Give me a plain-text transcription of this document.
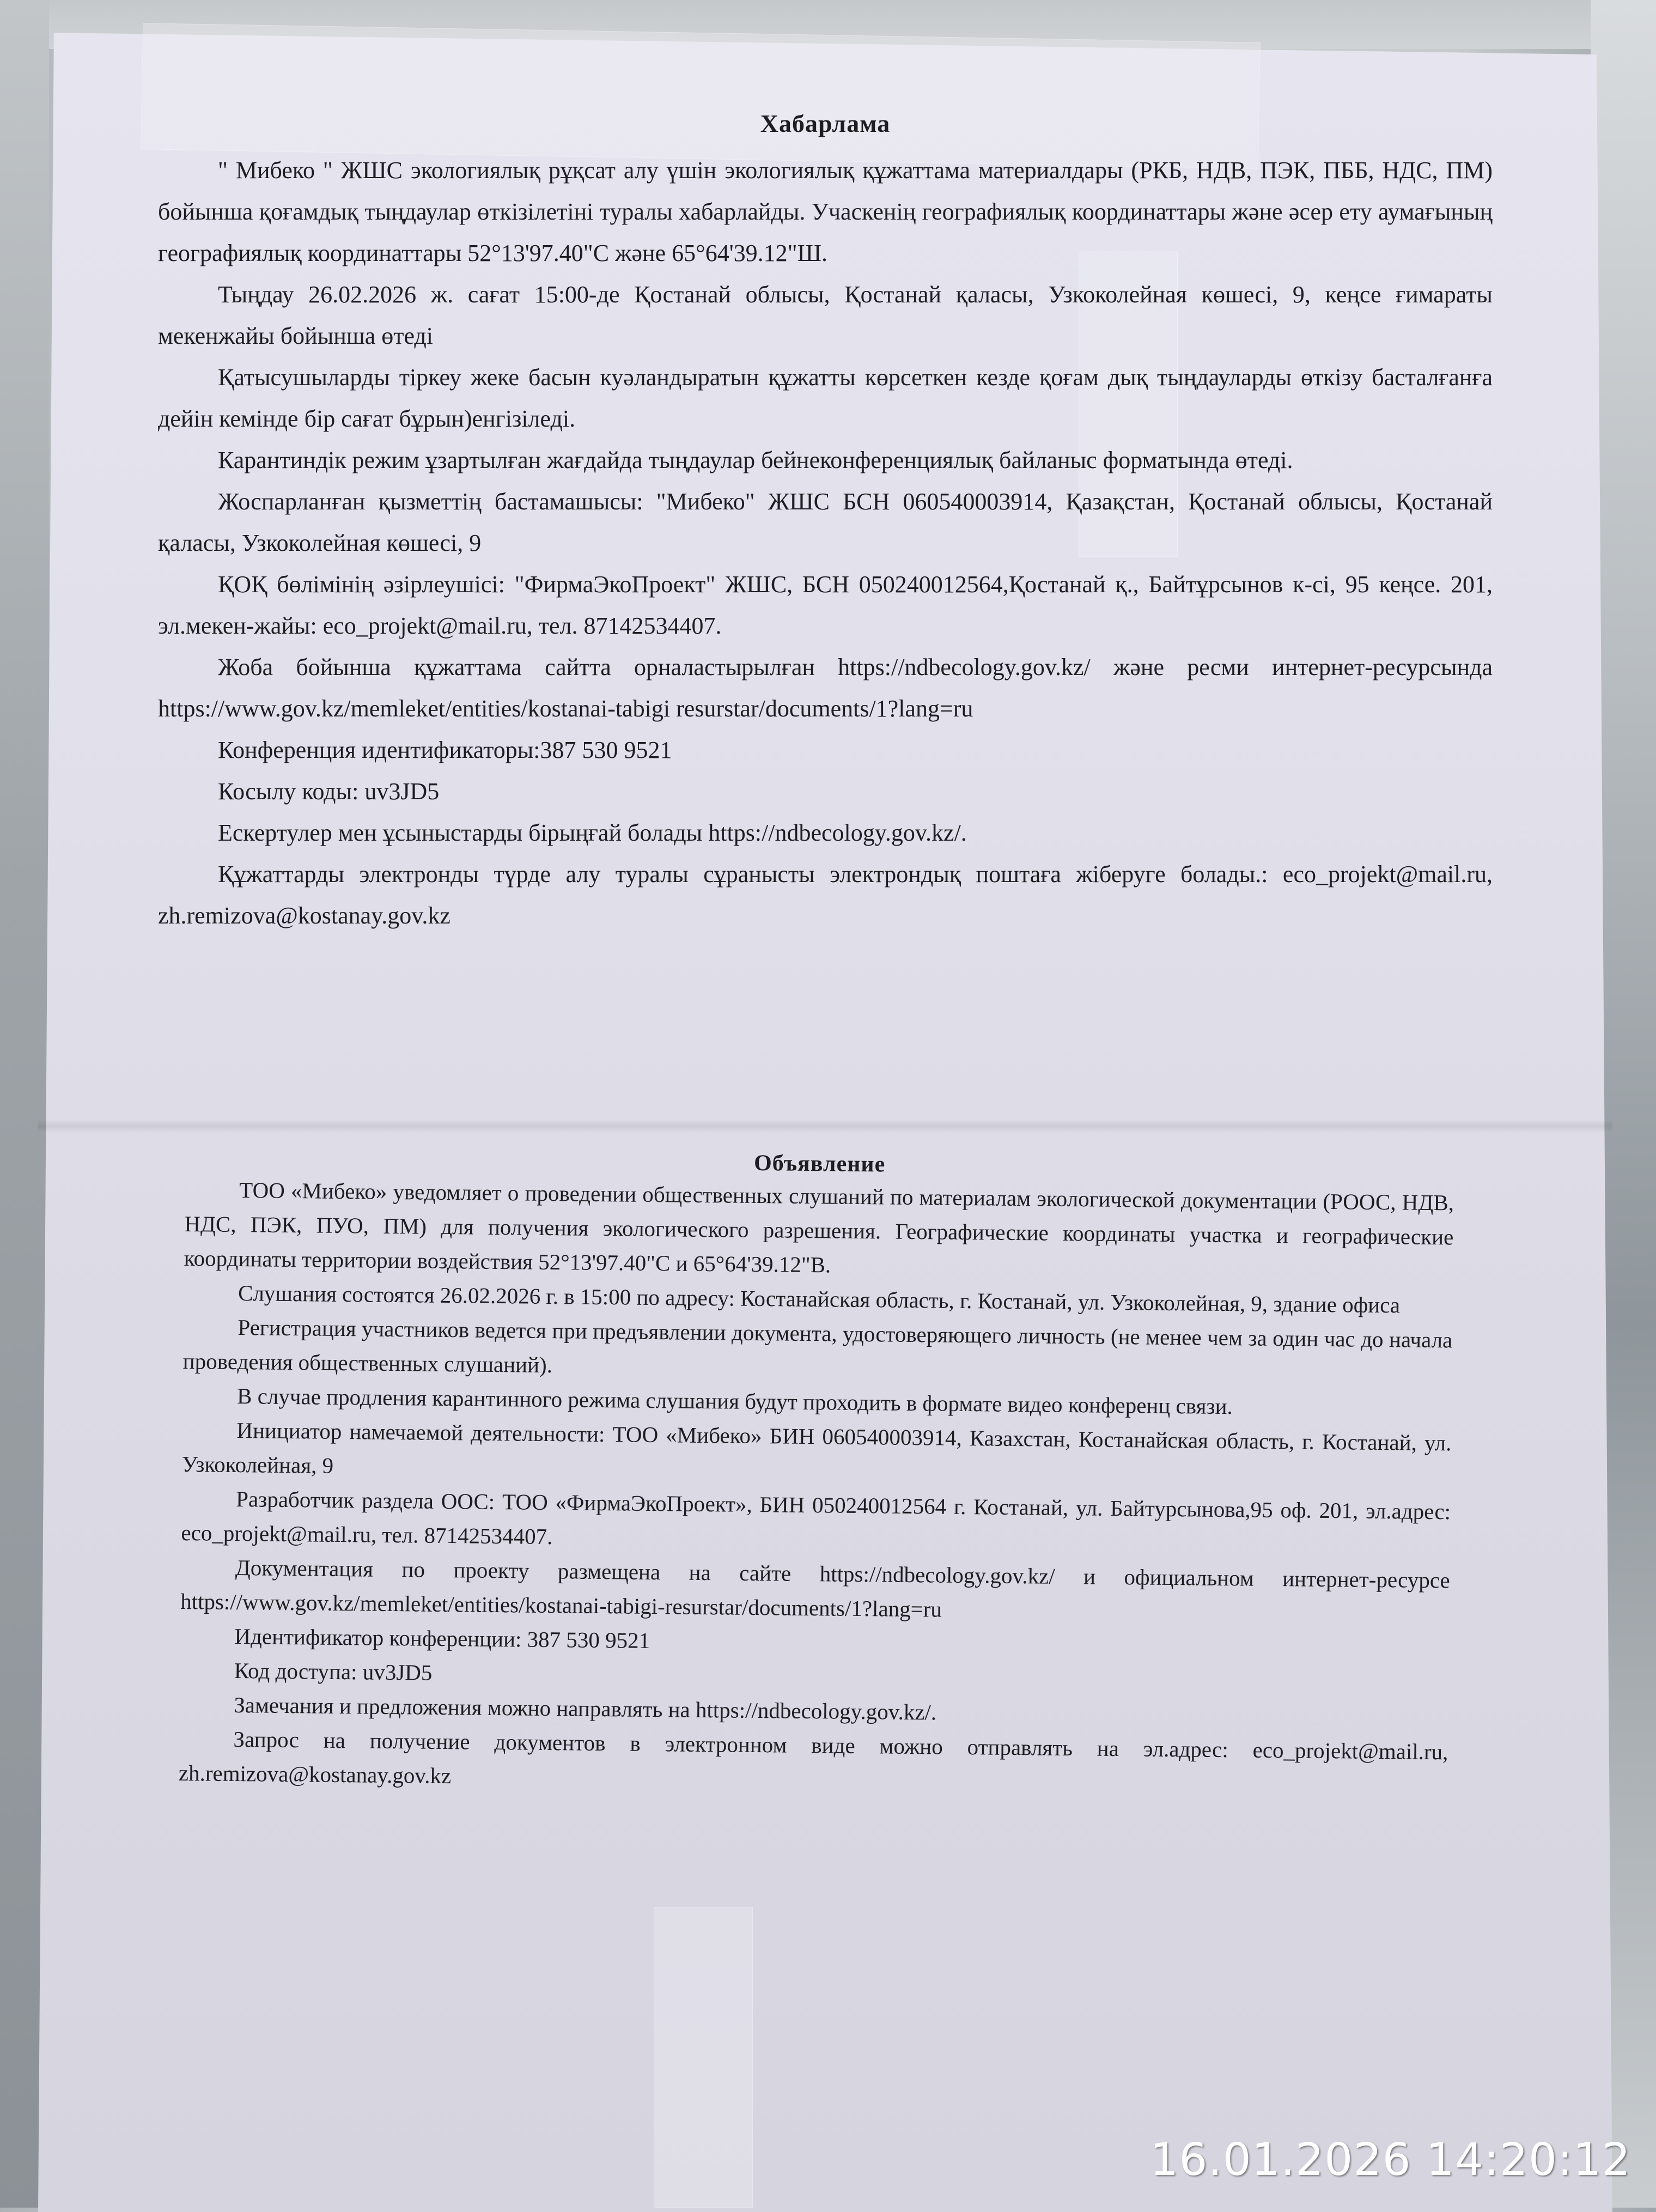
Хабарлама

" Мибеко " ЖШС экологиялық рұқсат алу үшін экологиялық құжаттама материалдары (РКБ, НДВ, ПЭК, ПББ, НДС, ПМ) бойынша қоғамдық тыңдаулар өткізілетіні туралы хабарлайды. Учаскенің географиялық координаттары және әсер ету аумағының географиялық координаттары 52°13'97.40"С және 65°64'39.12"Ш.

Тыңдау 26.02.2026 ж. сағат 15:00-де Қостанай облысы, Қостанай қаласы, Узкоколейная көшесі, 9, кеңсе ғимараты мекенжайы бойынша өтеді

Қатысушыларды тіркеу жеке басын куәландыратын құжатты көрсеткен кезде қоғам дық тыңдауларды өткізу басталғанға дейін кемінде бір сағат бұрын)енгізіледі.

Карантиндік режим ұзартылған жағдайда тыңдаулар бейнеконференциялық байланыс форматында өтеді.

Жоспарланған қызметтің бастамашысы: "Мибеко" ЖШС БСН 060540003914, Қазақстан, Қостанай облысы, Қостанай қаласы, Узкоколейная көшесі, 9

ҚОҚ бөлімінің әзірлеушісі: "ФирмаЭкоПроект" ЖШС, БСН 050240012564,Қостанай қ., Байтұрсынов к-сі, 95 кеңсе. 201, эл.мекен-жайы: eco_projekt@mail.ru, тел. 87142534407.

Жоба бойынша құжаттама сайтта орналастырылған https://ndbecology.gov.kz/ және ресми интернет-ресурсында https://www.gov.kz/memleket/entities/kostanai-tabigi resurstar/documents/1?lang=ru

Конференция идентификаторы:387 530 9521

Косылу коды: uv3JD5

Ескертулер мен ұсыныстарды бірыңғай болады https://ndbecology.gov.kz/.

Құжаттарды электронды түрде алу туралы сұранысты электрондық поштаға жіберуге болады.: eco_projekt@mail.ru, zh.remizova@kostanay.gov.kz

Объявление

ТОО «Мибеко» уведомляет о проведении общественных слушаний по материалам экологической документации (РООС, НДВ, НДС, ПЭК, ПУО, ПМ) для получения экологического разрешения. Географические координаты участка и географические координаты территории воздействия 52°13'97.40"С и 65°64'39.12"В.

Слушания состоятся 26.02.2026 г. в 15:00 по адресу: Костанайская область, г. Костанай, ул. Узкоколейная, 9, здание офиса

Регистрация участников ведется при предъявлении документа, удостоверяющего личность (не менее чем за один час до начала проведения общественных слушаний).

В случае продления карантинного режима слушания будут проходить в формате видео конференц связи.

Инициатор намечаемой деятельности: ТОО «Мибеко» БИН 060540003914, Казахстан, Костанайская область, г. Костанай, ул. Узкоколейная, 9

Разработчик раздела ООС: ТОО «ФирмаЭкоПроект», БИН 050240012564 г. Костанай, ул. Байтурсынова,95 оф. 201, эл.адрес: eco_projekt@mail.ru, тел. 87142534407.

Документация по проекту размещена на сайте https://ndbecology.gov.kz/ и официальном интернет-ресурсе https://www.gov.kz/memleket/entities/kostanai-tabigi-resurstar/documents/1?lang=ru

Идентификатор конференции: 387 530 9521

Код доступа: uv3JD5

Замечания и предложения можно направлять на https://ndbecology.gov.kz/.

Запрос на получение документов в электронном виде можно отправлять на эл.адрес: eco_projekt@mail.ru, zh.remizova@kostanay.gov.kz

16.01.2026 14:20:12
